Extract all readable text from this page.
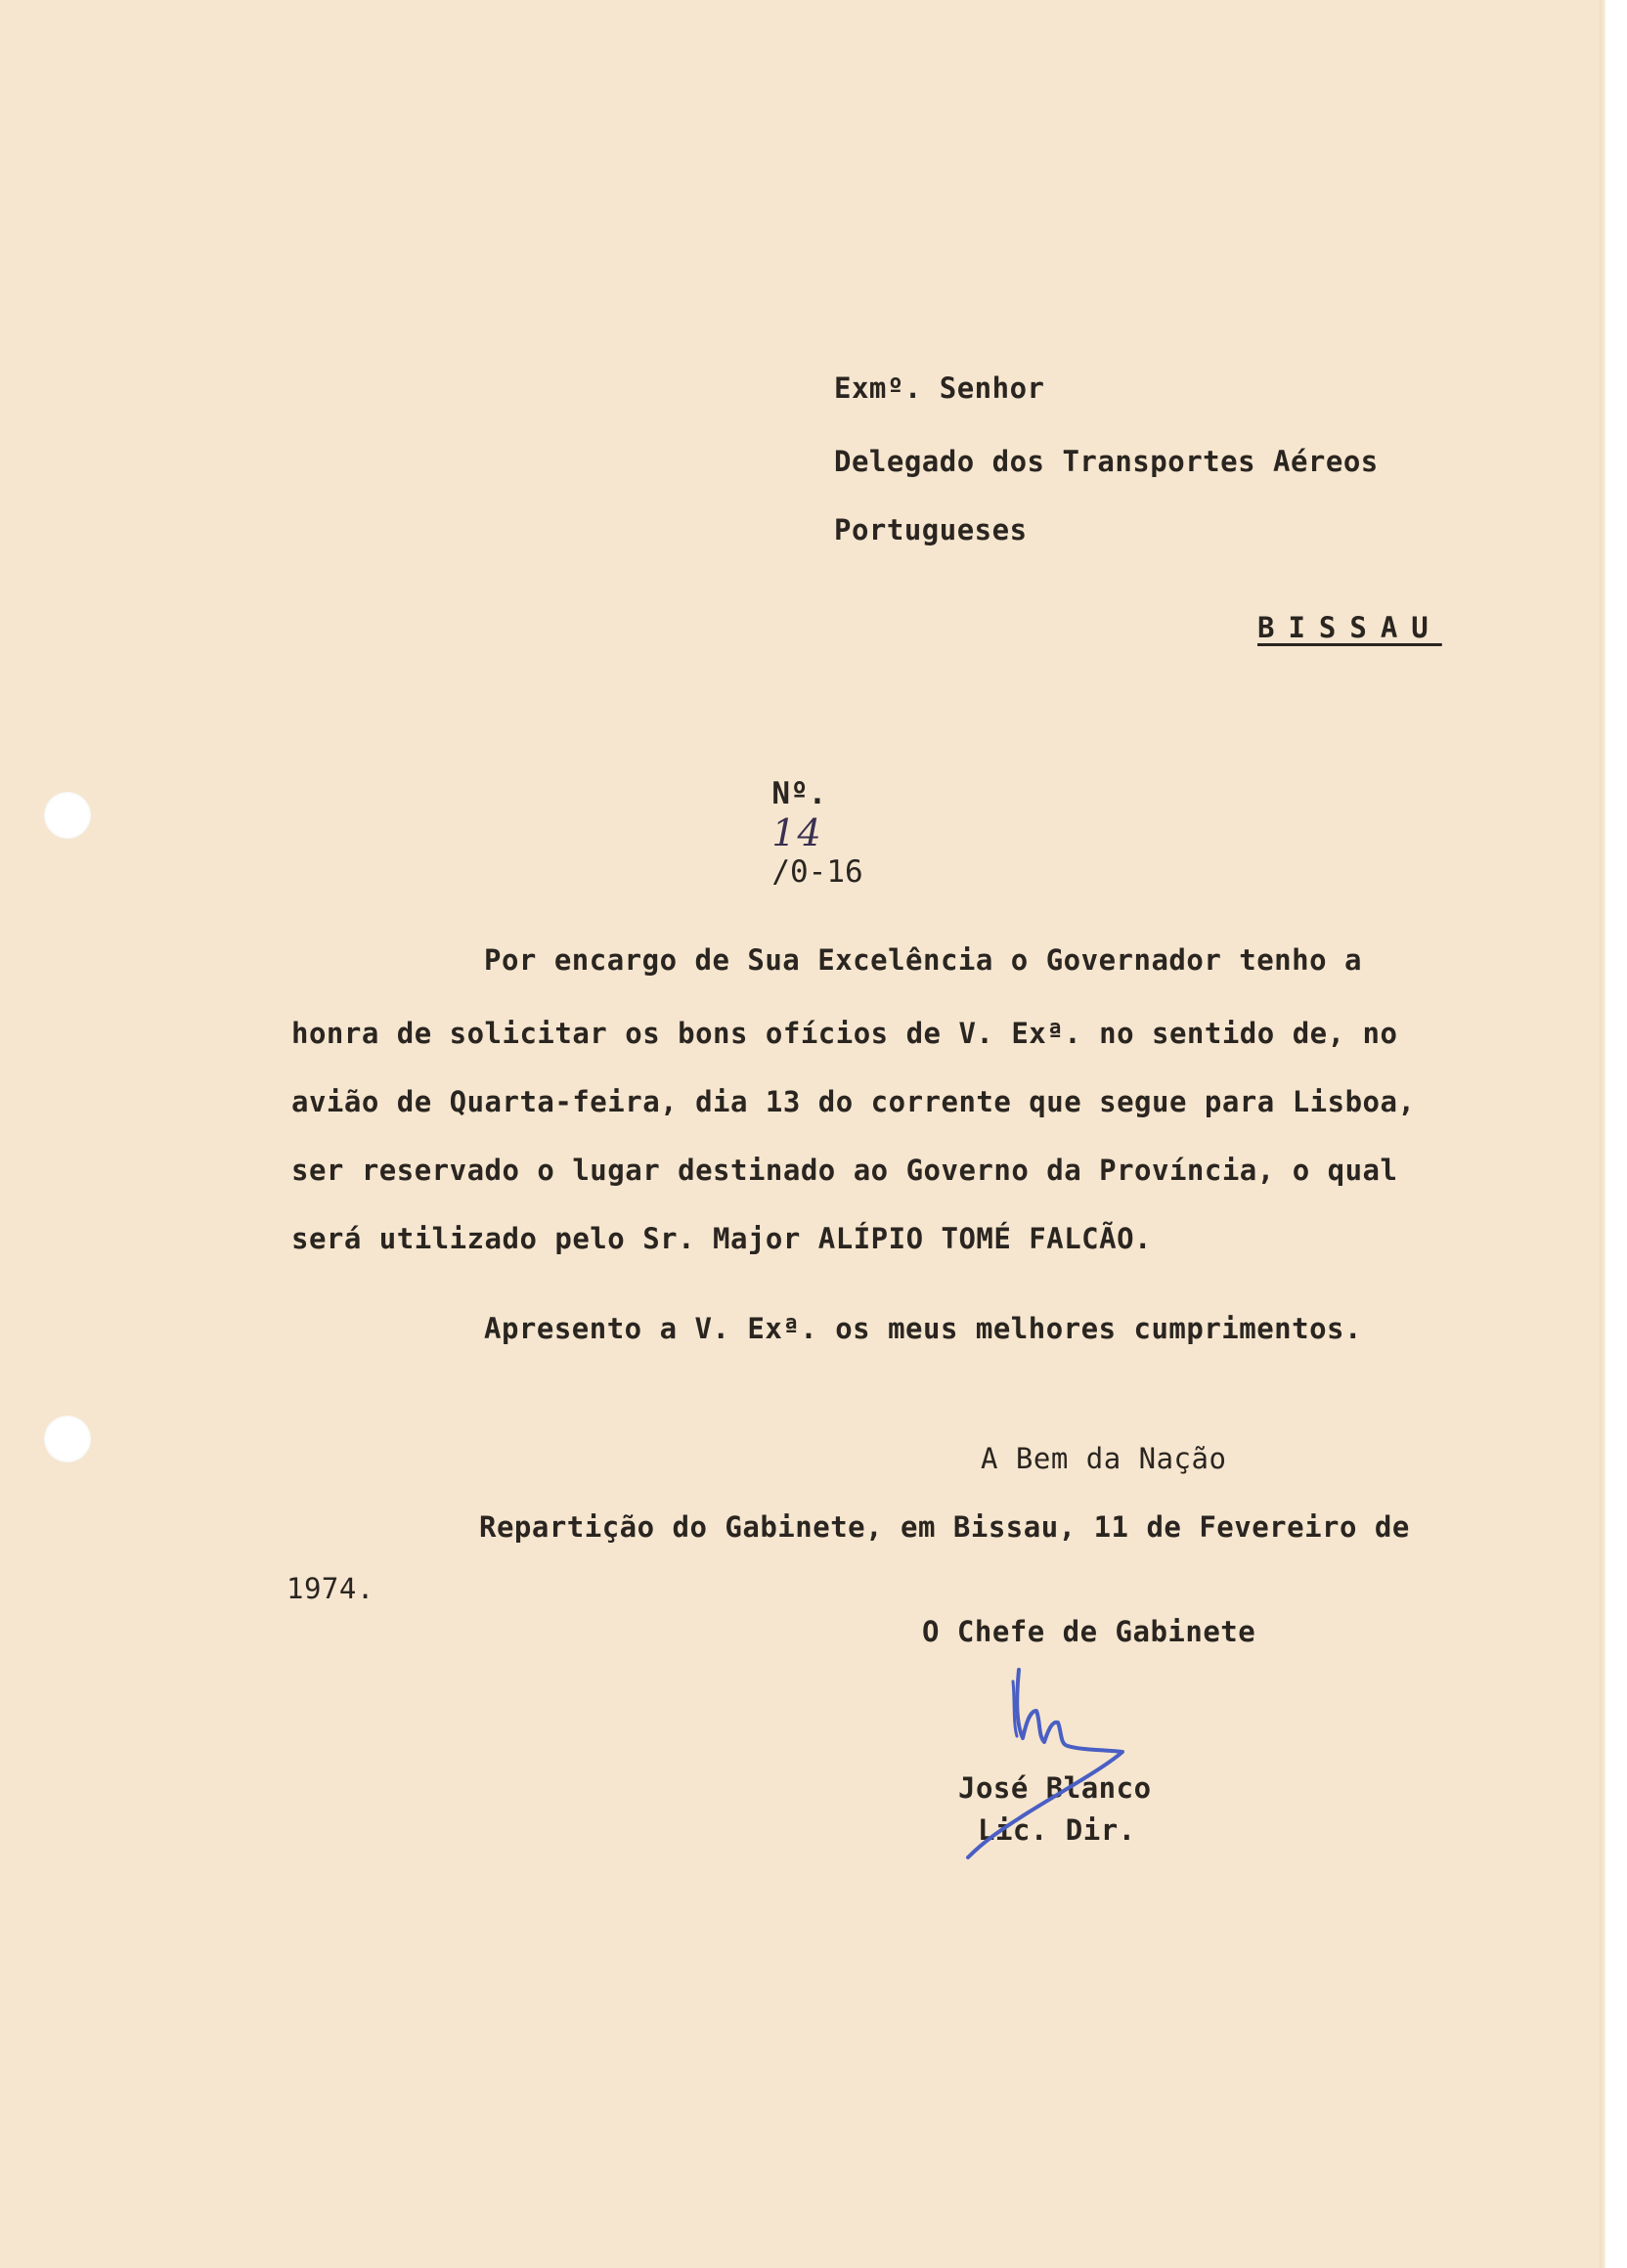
Exmº. Senhor
Delegado dos Transportes Aéreos
Portugueses
BISSAU

Nº.
14
/0-16

Por encargo de Sua Excelência o Governador tenho a
honra de solicitar os bons ofícios de V. Exª. no sentido de, no
avião de Quarta-feira, dia 13 do corrente que segue para Lisboa,
ser reservado o lugar destinado ao Governo da Província, o qual
será utilizado pelo Sr. Major ALÍPIO TOMÉ FALCÃO.
Apresento a V. Exª. os meus melhores cumprimentos.
A Bem da Nação
Repartição do Gabinete, em Bissau, 11 de Fevereiro de
1974.
O Chefe de Gabinete
José Blanco
Lic. Dir.
